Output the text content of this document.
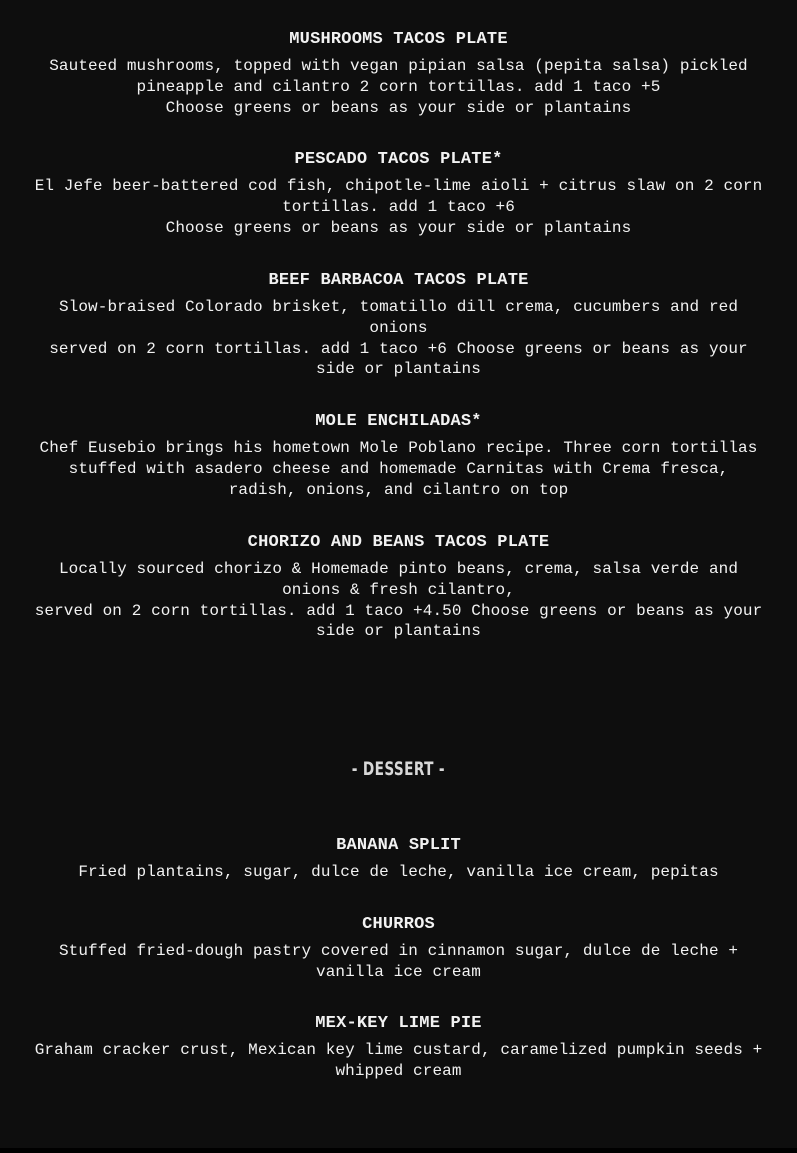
MUSHROOMS TACOS PLATE

Sauteed mushrooms, topped with vegan pipian salsa (pepita salsa) pickled pineapple and cilantro 2 corn tortillas. add 1 taco +5

Choose greens or beans as your side or plantains

PESCADO TACOS PLATE*

El Jefe beer-battered cod fish, chipotle-lime aioli + citrus slaw on 2 corn tortillas. add 1 taco +6

Choose greens or beans as your side or plantains

BEEF BARBACOA TACOS PLATE

Slow-braised Colorado brisket, tomatillo dill crema, cucumbers and red onions

served on 2 corn tortillas. add 1 taco +6 Choose greens or beans as your side or plantains

MOLE ENCHILADAS*

Chef Eusebio brings his hometown Mole Poblano recipe. Three corn tortillas stuffed with asadero cheese and homemade Carnitas with Crema fresca, radish, onions, and cilantro on top

CHORIZO AND BEANS TACOS PLATE

Locally sourced chorizo & Homemade pinto beans, crema, salsa verde and onions & fresh cilantro,

served on 2 corn tortillas. add 1 taco +4.50 Choose greens or beans as your side or plantains

- DESSERT -
BANANA SPLIT

Fried plantains, sugar, dulce de leche, vanilla ice cream, pepitas

CHURROS

Stuffed fried-dough pastry covered in cinnamon sugar, dulce de leche + vanilla ice cream

MEX-KEY LIME PIE

Graham cracker crust, Mexican key lime custard, caramelized pumpkin seeds + whipped cream
